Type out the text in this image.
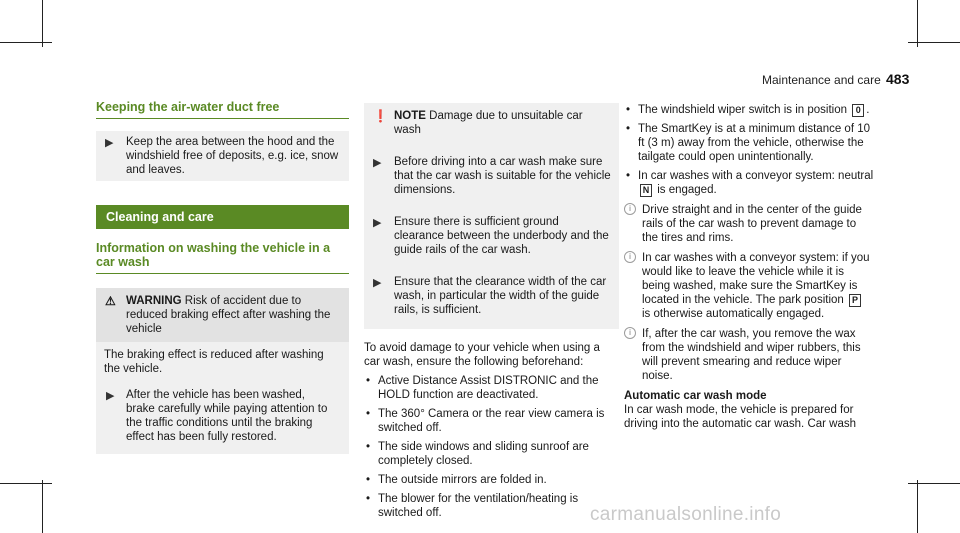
Maintenance and care 483
Keeping the air-water duct free
▶ Keep the area between the hood and the windshield free of deposits, e.g. ice, snow and leaves.

Cleaning and care
Information on washing the vehicle in a car wash
⚠ WARNING Risk of accident due to reduced braking effect after washing the vehicle

The braking effect is reduced after washing the vehicle.

▶ After the vehicle has been washed, brake carefully while paying attention to the traffic conditions until the braking effect has been fully restored.

❗ NOTE Damage due to unsuitable car wash
▶ Before driving into a car wash make sure that the car wash is suitable for the vehicle dimensions.

▶ Ensure there is sufficient ground clearance between the underbody and the guide rails of the car wash.

▶ Ensure that the clearance width of the car wash, in particular the width of the guide rails, is sufficient.

To avoid damage to your vehicle when using a car wash, ensure the following beforehand:

• Active Distance Assist DISTRONIC and the HOLD function are deactivated.
• The 360° Camera or the rear view camera is switched off.
• The side windows and sliding sunroof are completely closed.
• The outside mirrors are folded in.
• The blower for the ventilation/heating is switched off.
• The windshield wiper switch is in position 0 .
• The SmartKey is at a minimum distance of 10 ft (3 m) away from the vehicle, otherwise the tailgate could open unintentionally.
• In car washes with a conveyor system: neutral N is engaged.
i Drive straight and in the center of the guide rails of the car wash to prevent damage to the tires and rims.

i In car washes with a conveyor system: if you would like to leave the vehicle while it is being washed, make sure the SmartKey is located in the vehicle. The park position P is otherwise automatically engaged.

i If, after the car wash, you remove the wax from the windshield and wiper rubbers, this will prevent smearing and reduce wiper noise.

Automatic car wash mode

In car wash mode, the vehicle is prepared for driving into the automatic car wash. Car wash

carmanualsonline.info
